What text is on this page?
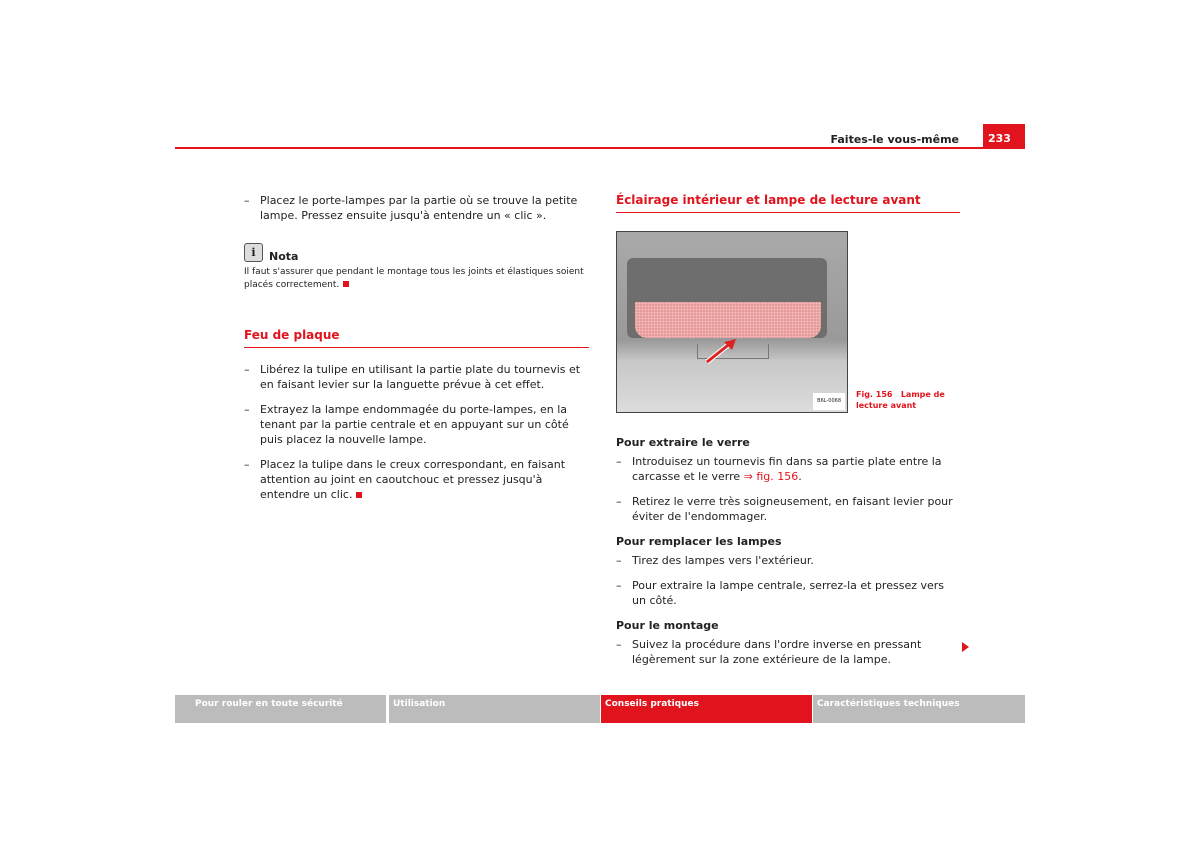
Faites-le vous-même	233
– Placez le porte-lampes par la partie où se trouve la petite lampe. Pressez ensuite jusqu'à entendre un « clic ».
i	Nota
Il faut s'assurer que pendant le montage tous les joints et élastiques soient placés correctement.
Feu de plaque
– Libérez la tulipe en utilisant la partie plate du tournevis et en faisant levier sur la languette prévue à cet effet.
– Extrayez la lampe endommagée du porte-lampes, en la tenant par la partie centrale et en appuyant sur un côté puis placez la nouvelle lampe.
– Placez la tulipe dans le creux correspondant, en faisant attention au joint en caoutchouc et pressez jusqu'à entendre un clic.
Éclairage intérieur et lampe de lecture avant
B6L-0068
Fig. 156 Lampe de lecture avant
Pour extraire le verre
– Introduisez un tournevis fin dans sa partie plate entre la carcasse et le verre ⇒ fig. 156.
– Retirez le verre très soigneusement, en faisant levier pour éviter de l'endommager.
Pour remplacer les lampes
– Tirez des lampes vers l'extérieur.
– Pour extraire la lampe centrale, serrez-la et pressez vers un côté.
Pour le montage
– Suivez la procédure dans l'ordre inverse en pressant légèrement sur la zone extérieure de la lampe.
Pour rouler en toute sécurité	Utilisation	Conseils pratiques	Caractéristiques techniques
